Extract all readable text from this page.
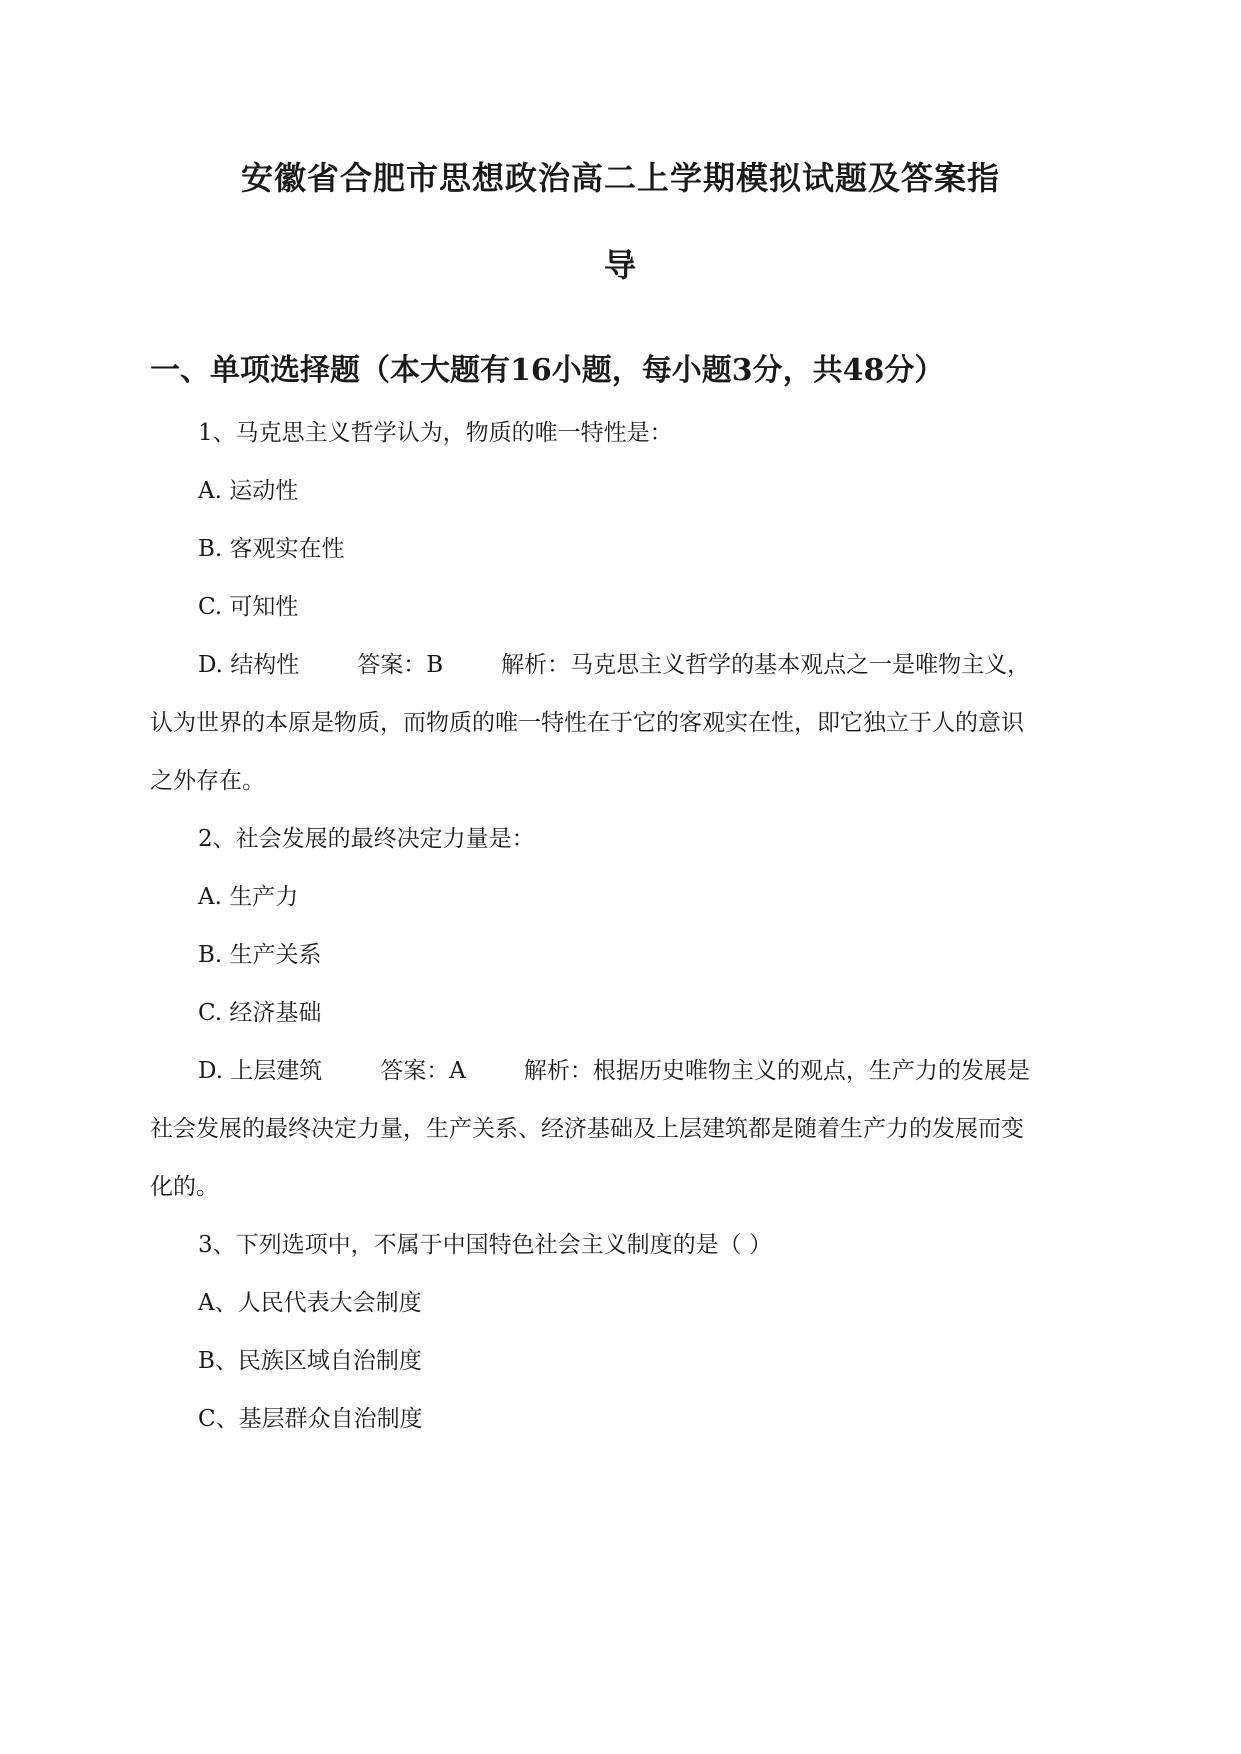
安徽省合肥市思想政治高二上学期模拟试题及答案指
导
一、单项选择题（本大题有16小题，每小题3分，共48分）
1、马克思主义哲学认为，物质的唯一特性是：
A. 运动性
B. 客观实在性
C. 可知性
D. 结构性	答案：B	解析：马克思主义哲学的基本观点之一是唯物主义，
认为世界的本原是物质，而物质的唯一特性在于它的客观实在性，即它独立于人的意识
之外存在。
2、社会发展的最终决定力量是：
A. 生产力
B. 生产关系
C. 经济基础
D. 上层建筑	答案：A	解析：根据历史唯物主义的观点，生产力的发展是
社会发展的最终决定力量，生产关系、经济基础及上层建筑都是随着生产力的发展而变
化的。
3、下列选项中，不属于中国特色社会主义制度的是（ ）
A、人民代表大会制度
B、民族区域自治制度
C、基层群众自治制度
